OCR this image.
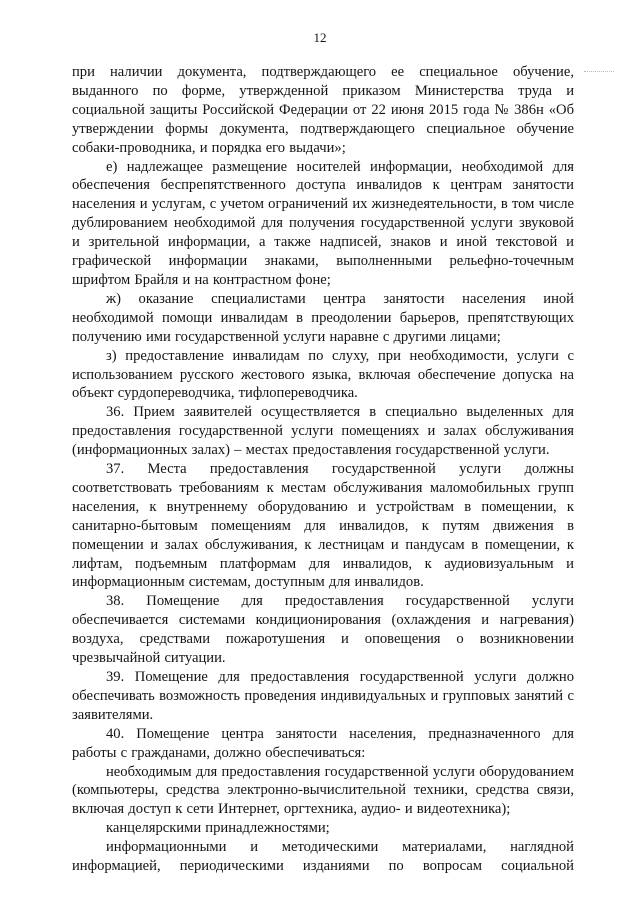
12

при наличии документа, подтверждающего ее специальное обучение, выданного по форме, утвержденной приказом Министерства труда и социальной защиты Российской Федерации от 22 июня 2015 года № 386н «Об утверждении формы документа, подтверждающего специальное обучение собаки-проводника, и порядка его выдачи»;

е) надлежащее размещение носителей информации, необходимой для обеспечения беспрепятственного доступа инвалидов к центрам занятости населения и услугам, с учетом ограничений их жизнедеятельности, в том числе дублированием необходимой для получения государственной услуги звуковой и зрительной информации, а также надписей, знаков и иной текстовой и графической информации знаками, выполненными рельефно-точечным шрифтом Брайля и на контрастном фоне;

ж) оказание специалистами центра занятости населения иной необходимой помощи инвалидам в преодолении барьеров, препятствующих получению ими государственной услуги наравне с другими лицами;

з) предоставление инвалидам по слуху, при необходимости, услуги с использованием русского жестового языка, включая обеспечение допуска на объект сурдопереводчика, тифлопереводчика.

36. Прием заявителей осуществляется в специально выделенных для предоставления государственной услуги помещениях и залах обслуживания (информационных залах) – местах предоставления государственной услуги.

37. Места предоставления государственной услуги должны соответствовать требованиям к местам обслуживания маломобильных групп населения, к внутреннему оборудованию и устройствам в помещении, к санитарно-бытовым помещениям для инвалидов, к путям движения в помещении и залах обслуживания, к лестницам и пандусам в помещении, к лифтам, подъемным платформам для инвалидов, к аудиовизуальным и информационным системам, доступным для инвалидов.

38. Помещение для предоставления государственной услуги обеспечивается системами кондиционирования (охлаждения и нагревания) воздуха, средствами пожаротушения и оповещения о возникновении чрезвычайной ситуации.

39. Помещение для предоставления государственной услуги должно обеспечивать возможность проведения индивидуальных и групповых занятий с заявителями.

40. Помещение центра занятости населения, предназначенного для работы с гражданами, должно обеспечиваться:

необходимым для предоставления государственной услуги оборудованием (компьютеры, средства электронно-вычислительной техники, средства связи, включая доступ к сети Интернет, оргтехника, аудио- и видеотехника);

канцелярскими принадлежностями;

информационными и методическими материалами, наглядной информацией, периодическими изданиями по вопросам социальной
